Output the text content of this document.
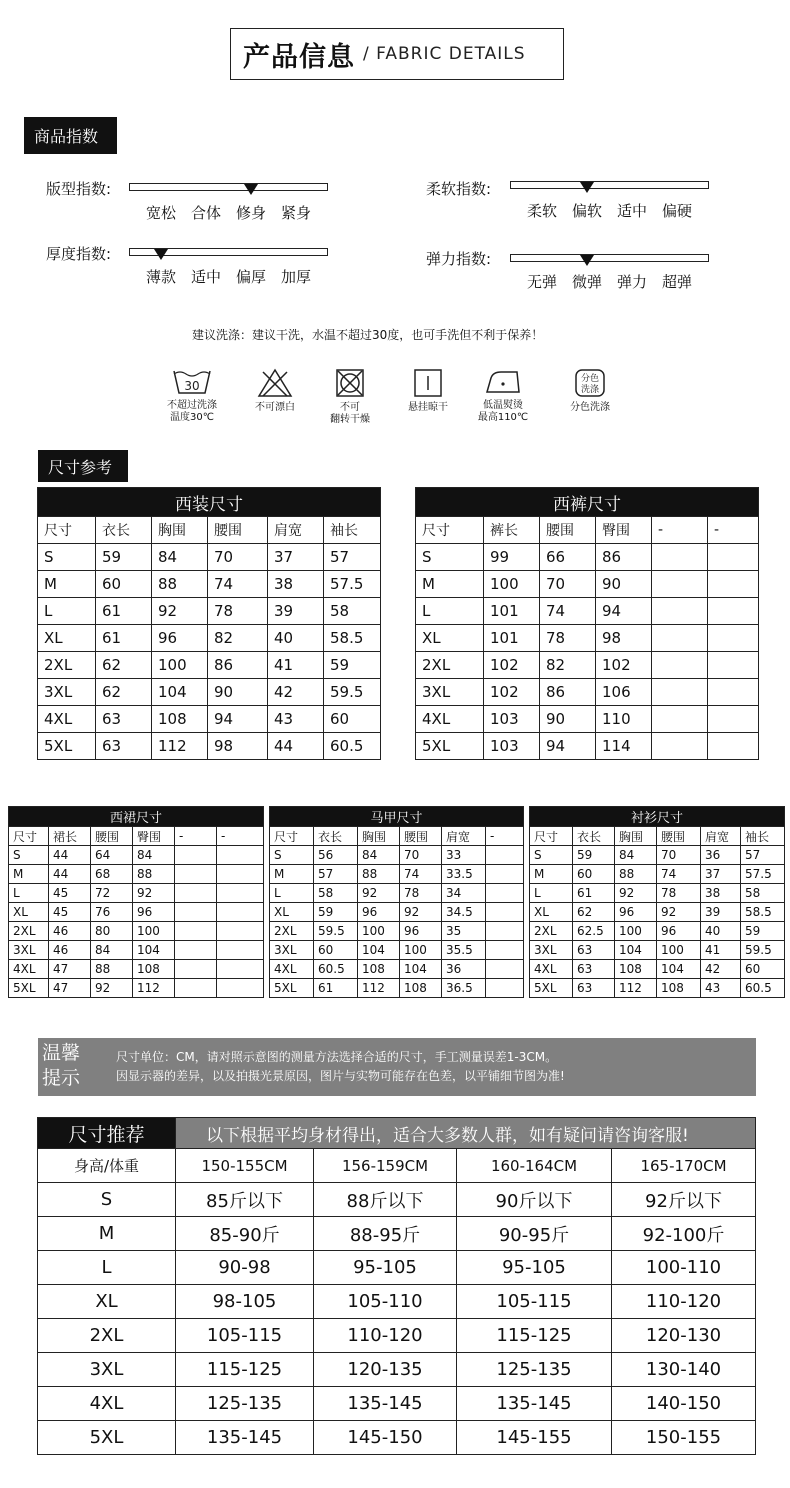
产品信息 / FABRIC DETAILS
商品指数
版型指数:
宽松 合体 修身 紧身
柔软指数:
柔软 偏软 适中 偏硬
厚度指数:
薄款 适中 偏厚 加厚
弹力指数:
无弹 微弹 弹力 超弹
建议洗涤：建议干洗，水温不超过30度，也可手洗但不利于保养！
30
不超过洗涤
温度30℃
不可漂白	不可
翻转干燥
悬挂晾干	低温熨烫
最高110℃
分色
洗涤
分色洗涤
尺寸参考
西装尺寸					
尺寸	衣长	胸围	腰围	肩宽	袖长
S	59	84	70	37	57
M	60	88	74	38	57.5
L	61	92	78	39	58
XL	61	96	82	40	58.5
2XL	62	100	86	41	59
3XL	62	104	90	42	59.5
4XL	63	108	94	43	60
5XL	63	112	98	44	60.5
西裤尺寸					
尺寸	裤长	腰围	臀围	-	-
S	99	66	86		
M	100	70	90		
L	101	74	94		
XL	101	78	98		
2XL	102	82	102		
3XL	102	86	106		
4XL	103	90	110		
5XL	103	94	114		
西裙尺寸					
尺寸	裙长	腰围	臀围	-	-
S	44	64	84		
M	44	68	88		
L	45	72	92		
XL	45	76	96		
2XL	46	80	100		
3XL	46	84	104		
4XL	47	88	108		
5XL	47	92	112		
马甲尺寸					
尺寸	衣长	胸围	腰围	肩宽	-
S	56	84	70	33	
M	57	88	74	33.5	
L	58	92	78	34	
XL	59	96	92	34.5	
2XL	59.5	100	96	35	
3XL	60	104	100	35.5	
4XL	60.5	108	104	36	
5XL	61	112	108	36.5	
衬衫尺寸					
尺寸	衣长	胸围	腰围	肩宽	袖长
S	59	84	70	36	57
M	60	88	74	37	57.5
L	61	92	78	38	58
XL	62	96	92	39	58.5
2XL	62.5	100	96	40	59
3XL	63	104	100	41	59.5
4XL	63	108	104	42	60
5XL	63	112	108	43	60.5
温馨
提示
尺寸单位：CM，请对照示意图的测量方法选择合适的尺寸，手工测量误差1-3CM。
因显示器的差异，以及拍摄光景原因，图片与实物可能存在色差，以平铺细节图为准!
尺寸推荐	以下根据平均身材得出，适合大多数人群，如有疑问请咨询客服!			
身高/体重	150-155CM	156-159CM	160-164CM	165-170CM
S	85斤以下	88斤以下	90斤以下	92斤以下
M	85-90斤	88-95斤	90-95斤	92-100斤
L	90-98	95-105	95-105	100-110
XL	98-105	105-110	105-115	110-120
2XL	105-115	110-120	115-125	120-130
3XL	115-125	120-135	125-135	130-140
4XL	125-135	135-145	135-145	140-150
5XL	135-145	145-150	145-155	150-155
